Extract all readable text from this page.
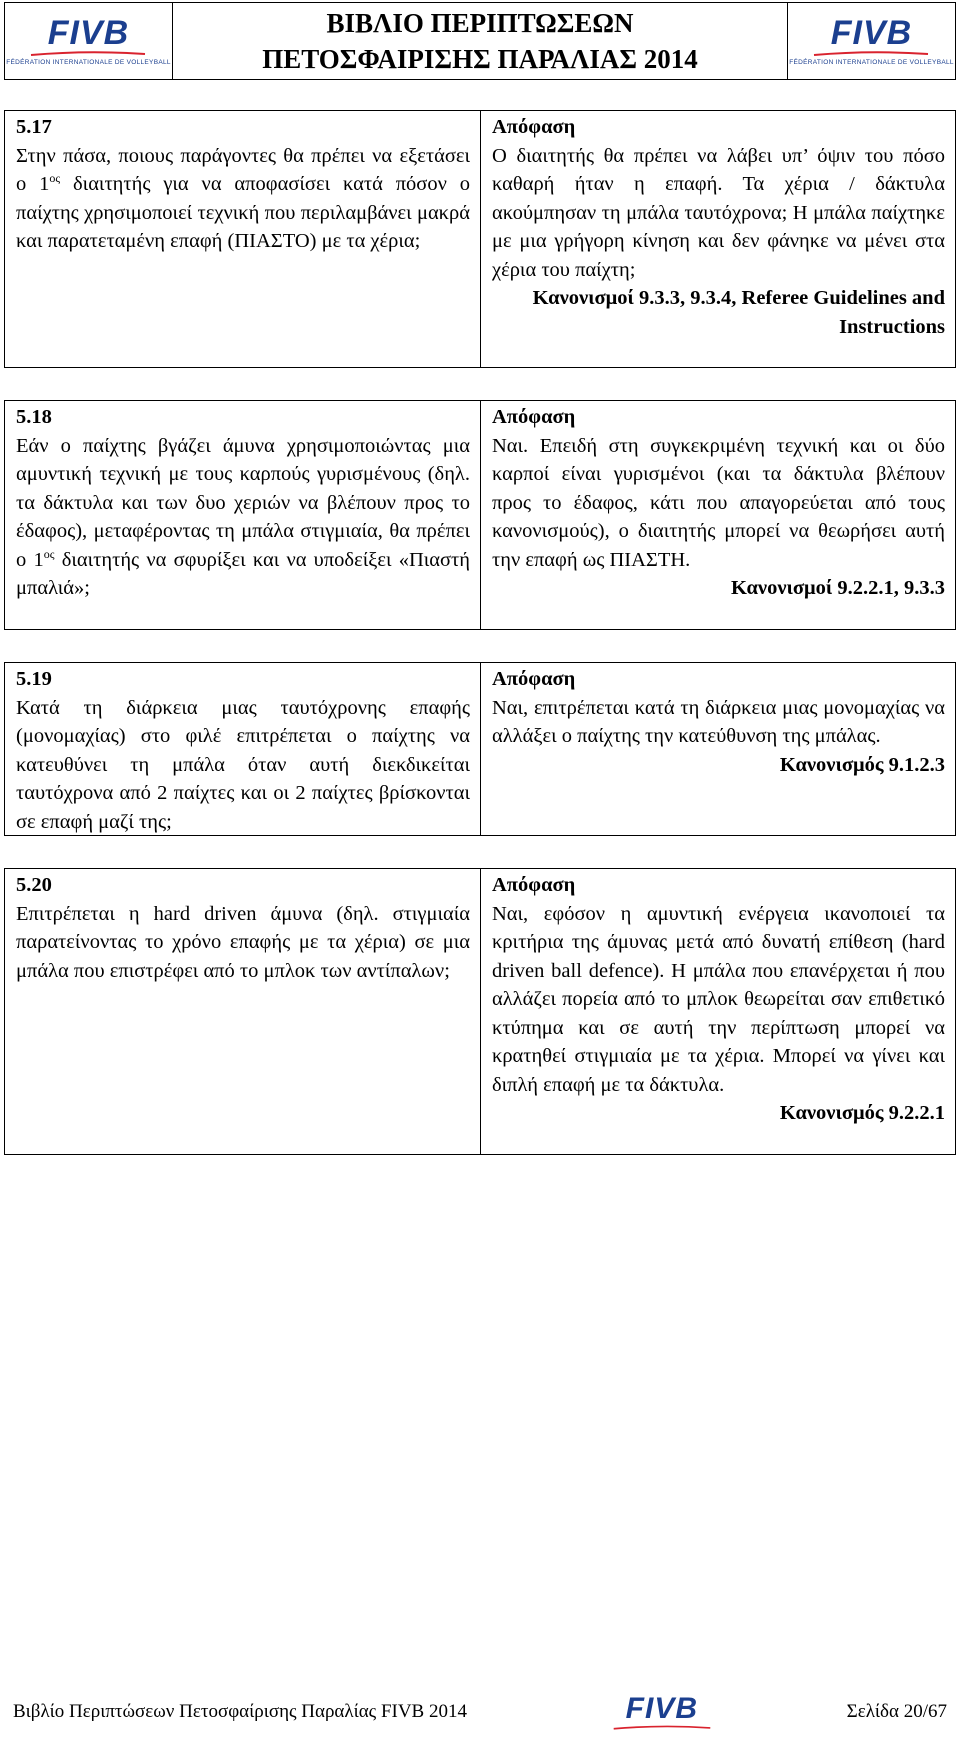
FIVB
FÉDÉRATION INTERNATIONALE DE VOLLEYBALL
ΒΙΒΛΙΟ ΠΕΡΙΠΤΩΣΕΩΝ
ΠΕΤΟΣΦΑΙΡΙΣΗΣ ΠΑΡΑΛΙΑΣ 2014
FIVB
FÉDÉRATION INTERNATIONALE DE VOLLEYBALL
5.17
Στην πάσα, ποιους παράγοντες θα πρέπει να εξετάσει ο $1^{o\varsigma}$ διαιτητής για να αποφασίσει κατά πόσον ο παίχτης χρησιμοποιεί τεχνική που περιλαμβάνει μακρά και παρατεταμένη επαφή (ΠΙΑΣΤΟ) με τα χέρια;
Απόφαση
Ο διαιτητής θα πρέπει να λάβει υπ’ όψιν του πόσο καθαρή ήταν η επαφή. Τα χέρια / δάκτυλα ακούμπησαν τη μπάλα ταυτόχρονα; Η μπάλα παίχτηκε με μια γρήγορη κίνηση και δεν φάνηκε να μένει στα χέρια του παίχτη;
Κανονισμοί 9.3.3, 9.3.4, Referee Guidelines and Instructions
5.18
Εάν ο παίχτης βγάζει άμυνα χρησιμοποιώντας μια αμυντική τεχνική με τους καρπούς γυρισμένους (δηλ. τα δάκτυλα και των δυο χεριών να βλέπουν προς το έδαφος), μεταφέροντας τη μπάλα στιγμιαία, θα πρέπει ο $1^{o\varsigma}$ διαιτητής να σφυρίξει και να υποδείξει «Πιαστή μπαλιά»;
Απόφαση
Ναι. Επειδή στη συγκεκριμένη τεχνική και οι δύο καρποί είναι γυρισμένοι (και τα δάκτυλα βλέπουν προς το έδαφος, κάτι που απαγορεύεται από τους κανονισμούς), ο διαιτητής μπορεί να θεωρήσει αυτή την επαφή ως ΠΙΑΣΤΗ.
Κανονισμοί 9.2.2.1, 9.3.3
5.19
Κατά τη διάρκεια μιας ταυτόχρονης επαφής (μονομαχίας) στο φιλέ επιτρέπεται ο παίχτης να κατευθύνει τη μπάλα όταν αυτή διεκδικείται ταυτόχρονα από 2 παίχτες και οι 2 παίχτες βρίσκονται σε επαφή μαζί της;
Απόφαση
Ναι, επιτρέπεται κατά τη διάρκεια μιας μονομαχίας να αλλάξει ο παίχτης την κατεύθυνση της μπάλας.
Κανονισμός 9.1.2.3
5.20
Επιτρέπεται η hard driven άμυνα (δηλ. στιγμιαία παρατείνοντας το χρόνο επαφής με τα χέρια) σε μια μπάλα που επιστρέφει από το μπλοκ των αντίπαλων;
Απόφαση
Ναι, εφόσον η αμυντική ενέργεια ικανοποιεί τα κριτήρια της άμυνας μετά από δυνατή επίθεση (hard driven ball defence). Η μπάλα που επανέρχεται ή που αλλάζει πορεία από το μπλοκ θεωρείται σαν επιθετικό κτύπημα και σε αυτή την περίπτωση μπορεί να κρατηθεί στιγμιαία με τα χέρια. Μπορεί να γίνει και διπλή επαφή με τα δάκτυλα.
Κανονισμός 9.2.2.1
Βιβλίο Περιπτώσεων Πετοσφαίρισης Παραλίας FIVB 2014	FIVB	Σελίδα 20/67
